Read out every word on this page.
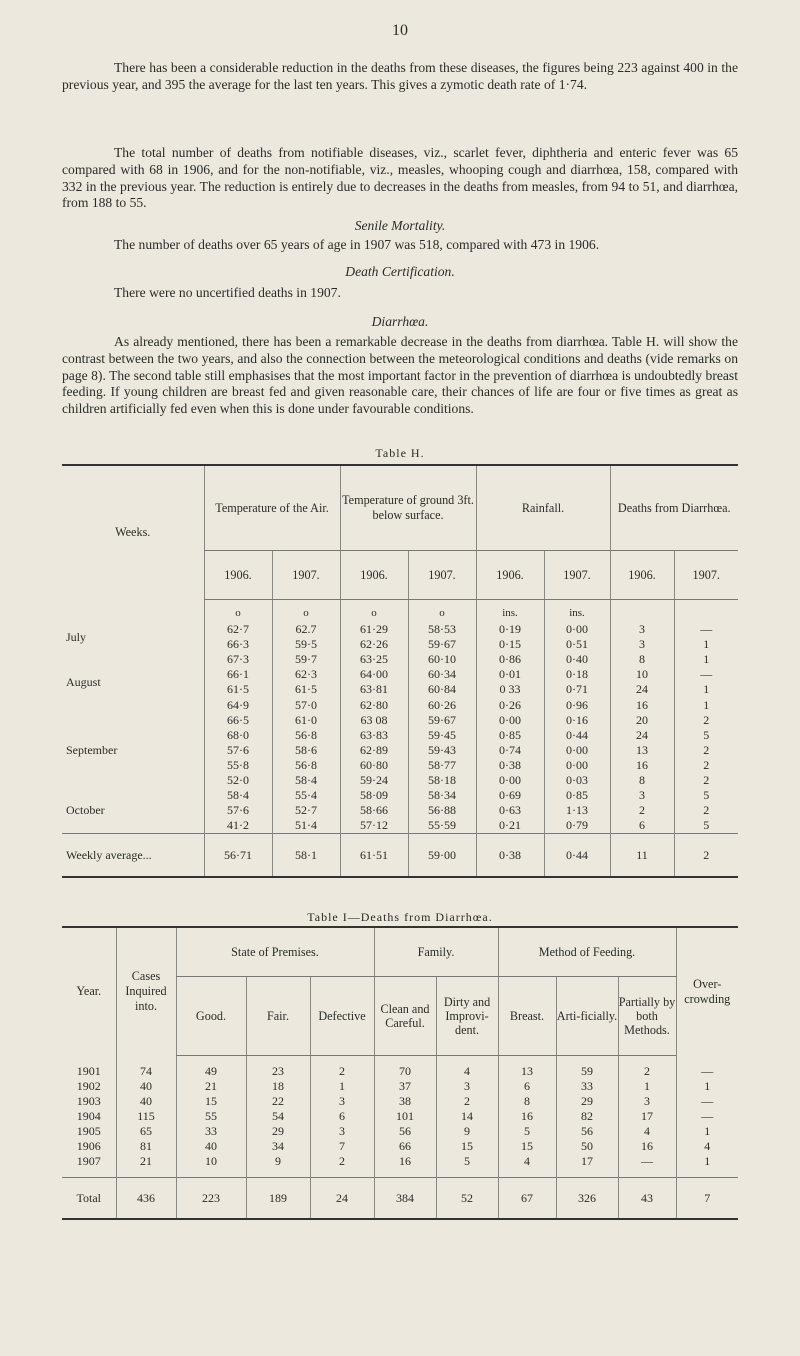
10

There has been a considerable reduction in the deaths from these diseases, the figures being 223 against 400 in the previous year, and 395 the average for the last ten years. This gives a zymotic death rate of 1·74.

The total number of deaths from notifiable diseases, viz., scarlet fever, diphtheria and enteric fever was 65 compared with 68 in 1906, and for the non-notifiable, viz., measles, whooping cough and diarrhœa, 158, compared with 332 in the previous year. The reduction is entirely due to decreases in the deaths from measles, from 94 to 51, and diarrhœa, from 188 to 55.

Senile Mortality.

The number of deaths over 65 years of age in 1907 was 518, compared with 473 in 1906.

Death Certification.

There were no uncertified deaths in 1907.

Diarrhœa.

As already mentioned, there has been a remarkable decrease in the deaths from diarrhœa. Table H. will show the contrast between the two years, and also the connection between the meteorological conditions and deaths (vide remarks on page 8). The second table still emphasises that the most important factor in the prevention of diarrhœa is undoubtedly breast feeding. If young children are breast fed and given reasonable care, their chances of life are four or five times as great as children artificially fed even when this is done under favourable conditions.

Table H.
Weeks.	Temperature of the Air.		Temperature of ground 3ft. below surface.		Rainfall.		Deaths from Diarrhœa.	
	1906.	1907.	1906.	1907.	1906.	1907.	1906.	1907.
	o	o	o	o	ins.	ins.		
July	62·7	62.7	61·29	58·53	0·19	0·00	3	—
	66·3	59·5	62·26	59·67	0·15	0·51	3	1
August	67·3	59·7	63·25	60·10	0·86	0·40	8	1
	66·1	62·3	64·00	60·34	0·01	0·18	10	—
	61·5	61·5	63·81	60·84	0 33	0·71	24	1
	64·9	57·0	62·80	60·26	0·26	0·96	16	1
September	66·5	61·0	63 08	59·67	0·00	0·16	20	2
	68·0	56·8	63·83	59·45	0·85	0·44	24	5
	57·6	58·6	62·89	59·43	0·74	0·00	13	2
	55·8	56·8	60·80	58·77	0·38	0·00	16	2
	52·0	58·4	59·24	58·18	0·00	0·03	8	2
October	58·4	55·4	58·09	58·34	0·69	0·85	3	5
	57·6	52·7	58·66	56·88	0·63	1·13	2	2
	41·2	51·4	57·12	55·59	0·21	0·79	6	5
Weekly average...	56·71	58·1	61·51	59·00	0·38	0·44	11	2
Table I—Deaths from Diarrhœa.
Year.	Cases Inquired into.	State of Premises.			Family.		Method of Feeding.			Over-crowding
		Good.	Fair.	Defective	Clean and Careful.	Dirty and Improvi-dent.	Breast.	Arti-ficially.	Partially by both Methods.	

1901	74	49	23	2	70	4	13	59	2	—
1902	40	21	18	1	37	3	6	33	1	1
1903	40	15	22	3	38	2	8	29	3	—
1904	115	55	54	6	101	14	16	82	17	—
1905	65	33	29	3	56	9	5	56	4	1
1906	81	40	34	7	66	15	15	50	16	4
1907	21	10	9	2	16	5	4	17	—	1

Total	436	223	189	24	384	52	67	326	43	7
